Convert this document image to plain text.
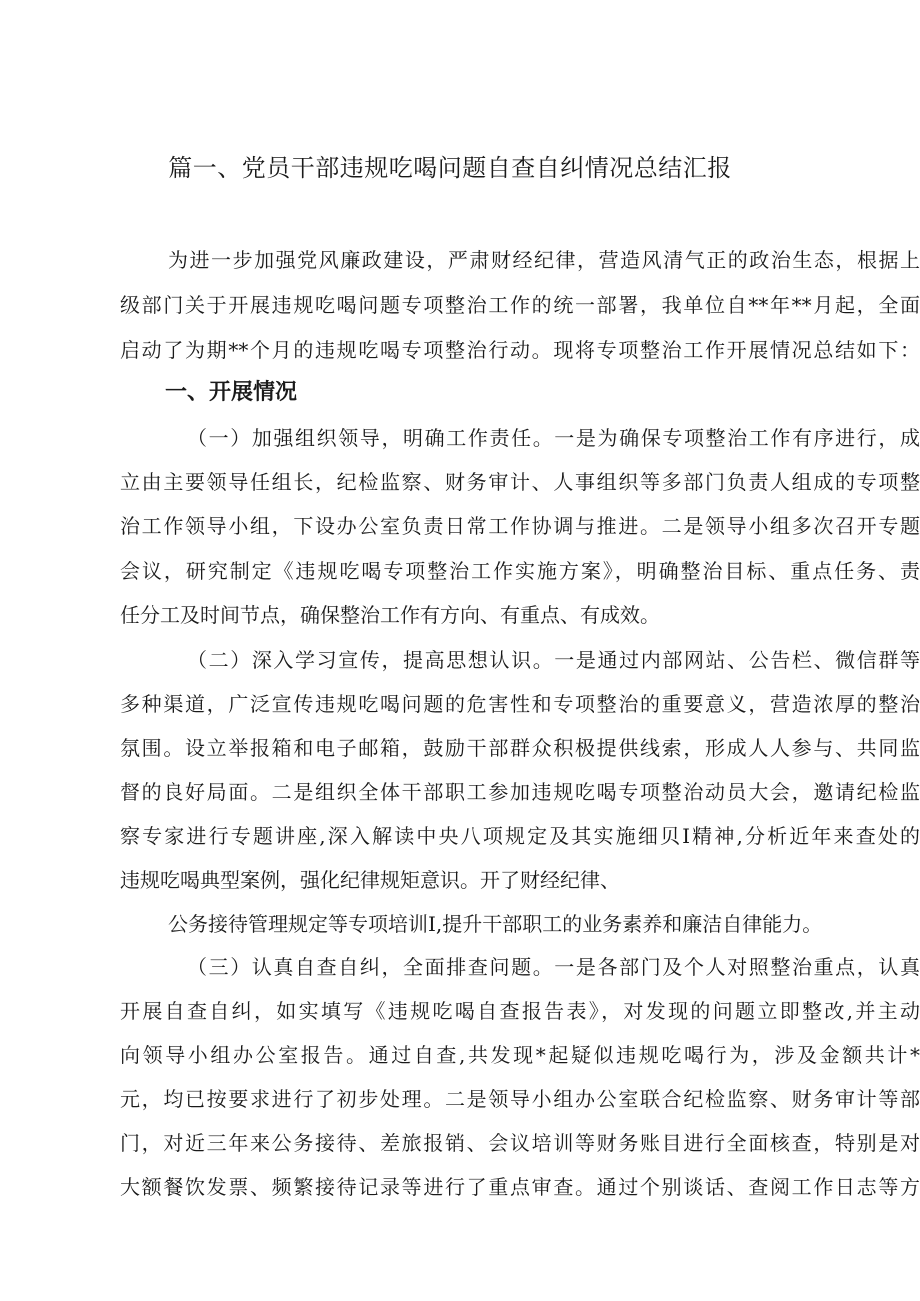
篇一、党员干部违规吃喝问题自查自纠情况总结汇报

为进一步加强党风廉政建设，严肃财经纪律，营造风清气正的政治生态，根据上

级部门关于开展违规吃喝问题专项整治工作的统一部署，我单位自**年**月起，全面

启动了为期**个月的违规吃喝专项整治行动。现将专项整治工作开展情况总结如下：

一、开展情况

（一）加强组织领导，明确工作责任。一是为确保专项整治工作有序进行，成

立由主要领导任组长，纪检监察、财务审计、人事组织等多部门负责人组成的专项整

治工作领导小组，下设办公室负责日常工作协调与推进。二是领导小组多次召开专题

会议，研究制定《违规吃喝专项整治工作实施方案》，明确整治目标、重点任务、责

任分工及时间节点，确保整治工作有方向、有重点、有成效。

（二）深入学习宣传，提高思想认识。一是通过内部网站、公告栏、微信群等

多种渠道，广泛宣传违规吃喝问题的危害性和专项整治的重要意义，营造浓厚的整治

氛围。设立举报箱和电子邮箱，鼓励干部群众积极提供线索，形成人人参与、共同监

督的良好局面。二是组织全体干部职工参加违规吃喝专项整治动员大会，邀请纪检监

察专家进行专题讲座,深入解读中央八项规定及其实施细贝I精神,分析近年来查处的

违规吃喝典型案例，强化纪律规矩意识。开了财经纪律、

公务接待管理规定等专项培训I,提升干部职工的业务素养和廉洁自律能力。

（三）认真自查自纠，全面排查问题。一是各部门及个人对照整治重点，认真

开展自查自纠，如实填写《违规吃喝自查报告表》，对发现的问题立即整改,并主动

向领导小组办公室报告。通过自查,共发现*起疑似违规吃喝行为，涉及金额共计*

元，均已按要求进行了初步处理。二是领导小组办公室联合纪检监察、财务审计等部

门，对近三年来公务接待、差旅报销、会议培训等财务账目进行全面核查，特别是对

大额餐饮发票、频繁接待记录等进行了重点审查。通过个别谈话、查阅工作日志等方
